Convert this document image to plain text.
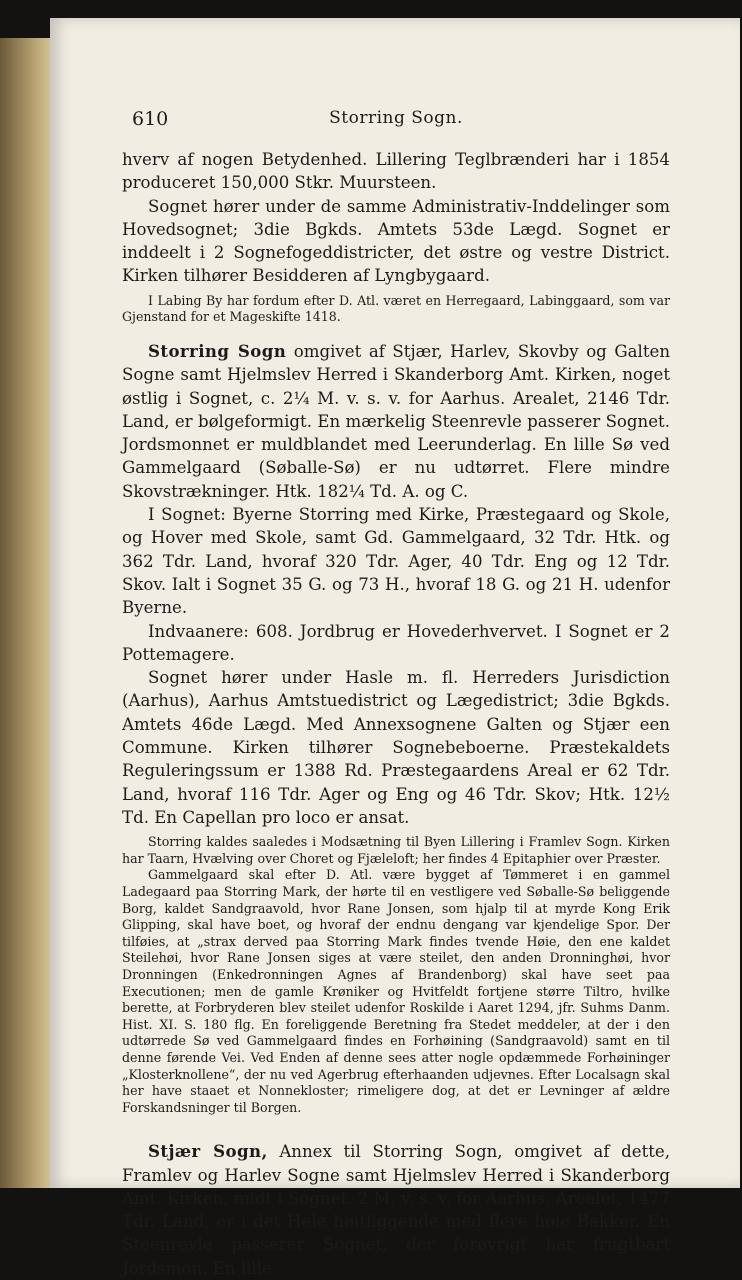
610	Storring Sogn.

hverv af nogen Betydenhed. Lillering Teglbrænderi har i 1854 produceret 150,000 Stkr. Muursteen.

Sognet hører under de samme Administrativ-Inddelinger som Hovedsognet; 3die Bgkds. Amtets 53de Lægd. Sognet er inddeelt i 2 Sognefogeddistricter, det østre og vestre District. Kirken tilhører Besidderen af Lyngbygaard.

I Labing By har fordum efter D. Atl. været en Herregaard, Labinggaard, som var Gjenstand for et Mageskifte 1418.

Storring Sogn omgivet af Stjær, Harlev, Skovby og Galten Sogne samt Hjelmslev Herred i Skanderborg Amt. Kirken, noget østlig i Sognet, c. 2¼ M. v. s. v. for Aarhus. Arealet, 2146 Tdr. Land, er bølgeformigt. En mærkelig Steenrevle passerer Sognet. Jordsmonnet er muldblandet med Leerunderlag. En lille Sø ved Gammelgaard (Søballe-Sø) er nu udtørret. Flere mindre Skovstrækninger. Htk. 182¼ Td. A. og C.

I Sognet: Byerne Storring med Kirke, Præstegaard og Skole, og Hover med Skole, samt Gd. Gammelgaard, 32 Tdr. Htk. og 362 Tdr. Land, hvoraf 320 Tdr. Ager, 40 Tdr. Eng og 12 Tdr. Skov. Ialt i Sognet 35 G. og 73 H., hvoraf 18 G. og 21 H. udenfor Byerne.

Indvaanere: 608. Jordbrug er Hovederhvervet. I Sognet er 2 Pottemagere.

Sognet hører under Hasle m. fl. Herreders Jurisdiction (Aarhus), Aarhus Amtstuedistrict og Lægedistrict; 3die Bgkds. Amtets 46de Lægd. Med Annexsognene Galten og Stjær een Commune. Kirken tilhører Sognebeboerne. Præstekaldets Reguleringssum er 1388 Rd. Præstegaardens Areal er 62 Tdr. Land, hvoraf 116 Tdr. Ager og Eng og 46 Tdr. Skov; Htk. 12½ Td. En Capellan pro loco er ansat.

Storring kaldes saaledes i Modsætning til Byen Lillering i Framlev Sogn. Kirken har Taarn, Hvælving over Choret og Fjæleloft; her findes 4 Epitaphier over Præster.

Gammelgaard skal efter D. Atl. være bygget af Tømmeret i en gammel Ladegaard paa Storring Mark, der hørte til en vestligere ved Søballe-Sø beliggende Borg, kaldet Sandgraavold, hvor Rane Jonsen, som hjalp til at myrde Kong Erik Glipping, skal have boet, og hvoraf der endnu dengang var kjendelige Spor. Der tilføies, at „strax derved paa Storring Mark findes tvende Høie, den ene kaldet Steilehøi, hvor Rane Jonsen siges at være steilet, den anden Dronninghøi, hvor Dronningen (Enkedronningen Agnes af Brandenborg) skal have seet paa Executionen; men de gamle Krøniker og Hvitfeldt fortjene større Tiltro, hvilke berette, at Forbryderen blev steilet udenfor Roskilde i Aaret 1294, jfr. Suhms Danm. Hist. XI. S. 180 flg. En foreliggende Beretning fra Stedet meddeler, at der i den udtørrede Sø ved Gammelgaard findes en Forhøining (Sandgraavold) samt en til denne førende Vei. Ved Enden af denne sees atter nogle opdæmmede Forhøininger „Klosterknollene“, der nu ved Agerbrug efterhaanden udjevnes. Efter Localsagn skal her have staaet et Nonnekloster; rimeligere dog, at det er Levninger af ældre Forskandsninger til Borgen.

Stjær Sogn, Annex til Storring Sogn, omgivet af dette, Framlev og Harlev Sogne samt Hjelmslev Herred i Skanderborg Amt. Kirken, midt i Sognet, 2 M. v. s. v. for Aarhus. Arealet, 1477 Tdr. Land, er i det Hele høitliggende med flere høie Bakker. En Steenrevle passerer Sognet, der forøvrigt har frugtbart Jordsmon. En lille
